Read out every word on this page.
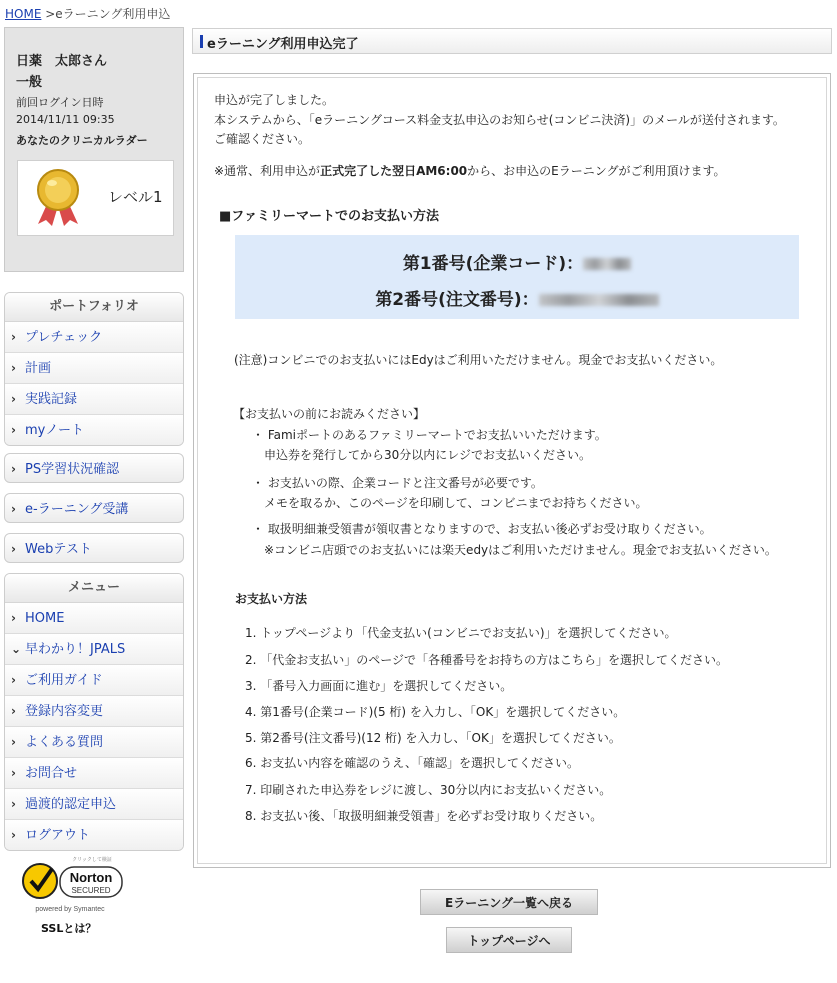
HOME >eラーニング利用申込
日薬　太郎さん
一般
前回ログイン日時
2014/11/11 09:35
あなたのクリニカルラダー
レベル1
ポートフォリオ
› プレチェック
› 計画
› 実践記録
› myノート
› PS学習状況確認
› e-ラーニング受講
› Webテスト
メニュー
› HOME
⌄ 早わかり！JPALS
› ご利用ガイド
› 登録内容変更
› よくある質問
› お問合せ
› 過渡的認定申込
› ログアウト
クリックして検証
Norton
SECURED
powered by Symantec
SSLとは？
eラーニング利用申込完了
申込が完了しました。
本システムから、「eラーニングコース料金支払申込のお知らせ(コンビニ決済)」のメールが送付されます。
ご確認ください。
※通常、利用申込が正式完了した翌日AM6:00から、お申込のEラーニングがご利用頂けます。
■ファミリーマートでのお支払い方法
第1番号(企業コード)：
第2番号(注文番号)：
(注意)コンビニでのお支払いにはEdyはご利用いただけません。現金でお支払いください。
【お支払いの前にお読みください】
・ Famiポートのあるファミリーマートでお支払いいただけます。
申込券を発行してから30分以内にレジでお支払いください。
・ お支払いの際、企業コードと注文番号が必要です。
メモを取るか、このページを印刷して、コンビニまでお持ちください。
・ 取扱明細兼受領書が領収書となりますので、お支払い後必ずお受け取りください。
※コンビニ店頭でのお支払いには楽天edyはご利用いただけません。現金でお支払いください。
お支払い方法
1. トップページより「代金支払い(コンビニでお支払い)」を選択してください。
2. 「代金お支払い」のページで「各種番号をお持ちの方はこちら」を選択してください。
3. 「番号入力画面に進む」を選択してください。
4. 第1番号(企業コード)(5 桁) を入力し、「OK」を選択してください。
5. 第2番号(注文番号)(12 桁) を入力し、「OK」を選択してください。
6. お支払い内容を確認のうえ、「確認」を選択してください。
7. 印刷された申込券をレジに渡し、30分以内にお支払いください。
8. お支払い後、「取扱明細兼受領書」を必ずお受け取りください。
Eラーニング一覧へ戻る
トップページへ
